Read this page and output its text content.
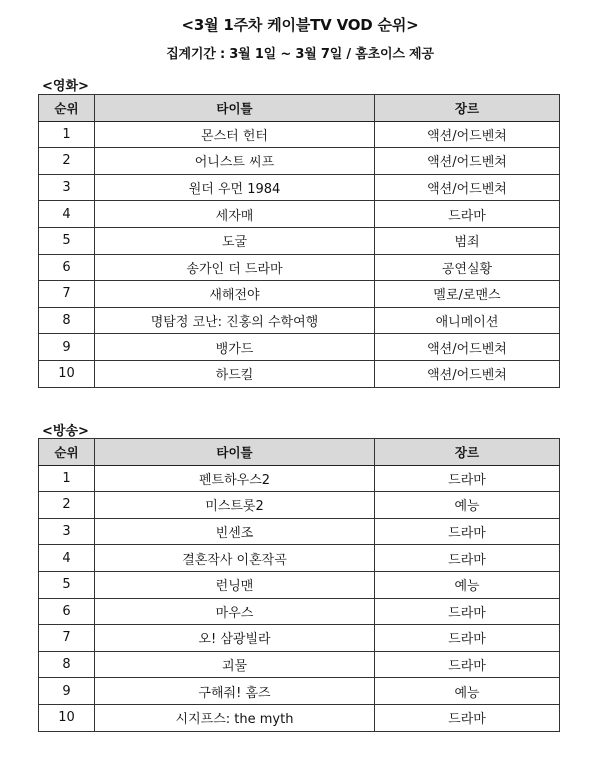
<3월 1주차 케이블TV VOD 순위>
집계기간 : 3월 1일 ~ 3월 7일 / 홈초이스 제공
<영화>
순위	타이틀	장르
1	몬스터 헌터	액션/어드벤쳐
2	어니스트 씨프	액션/어드벤쳐
3	원더 우먼 1984	액션/어드벤쳐
4	세자매	드라마
5	도굴	범죄
6	송가인 더 드라마	공연실황
7	새해전야	멜로/로맨스
8	명탐정 코난: 진홍의 수학여행	애니메이션
9	뱅가드	액션/어드벤쳐
10	하드킬	액션/어드벤쳐
<방송>
순위	타이틀	장르
1	펜트하우스2	드라마
2	미스트롯2	예능
3	빈센조	드라마
4	결혼작사 이혼작곡	드라마
5	런닝맨	예능
6	마우스	드라마
7	오! 삼광빌라	드라마
8	괴물	드라마
9	구해줘! 홈즈	예능
10	시지프스: the myth	드라마
